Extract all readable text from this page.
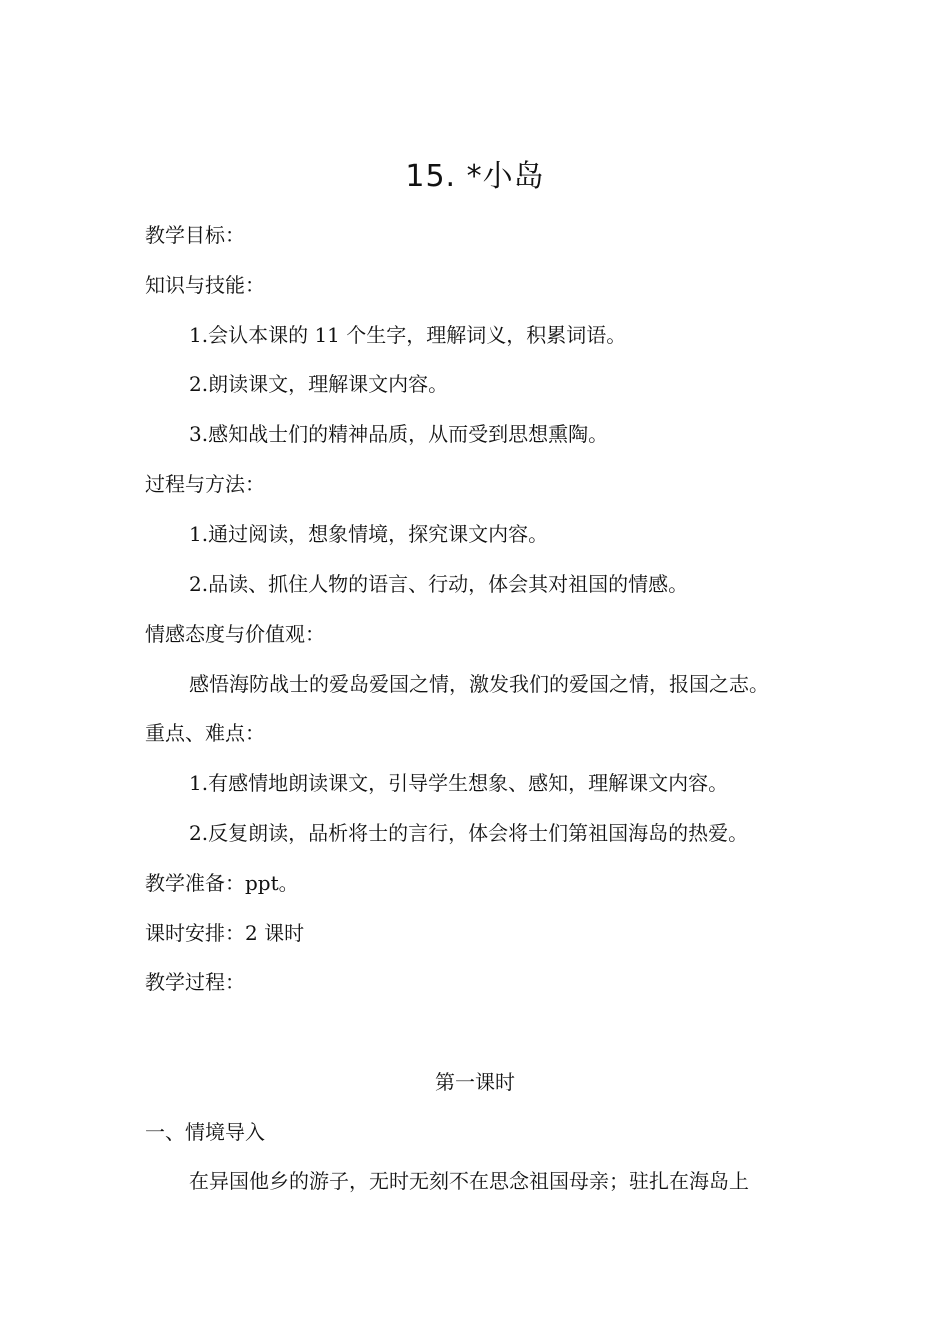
15. *小岛
教学目标：
知识与技能：
1.会认本课的 11 个生字，理解词义，积累词语。
2.朗读课文，理解课文内容。
3.感知战士们的精神品质，从而受到思想熏陶。
过程与方法：
1.通过阅读，想象情境，探究课文内容。
2.品读、抓住人物的语言、行动，体会其对祖国的情感。
情感态度与价值观：
感悟海防战士的爱岛爱国之情，激发我们的爱国之情，报国之志。
重点、难点：
1.有感情地朗读课文，引导学生想象、感知，理解课文内容。
2.反复朗读，品析将士的言行，体会将士们第祖国海岛的热爱。
教学准备：ppt。
课时安排：2 课时
教学过程：
第一课时
一、情境导入
在异国他乡的游子，无时无刻不在思念祖国母亲；驻扎在海岛上
